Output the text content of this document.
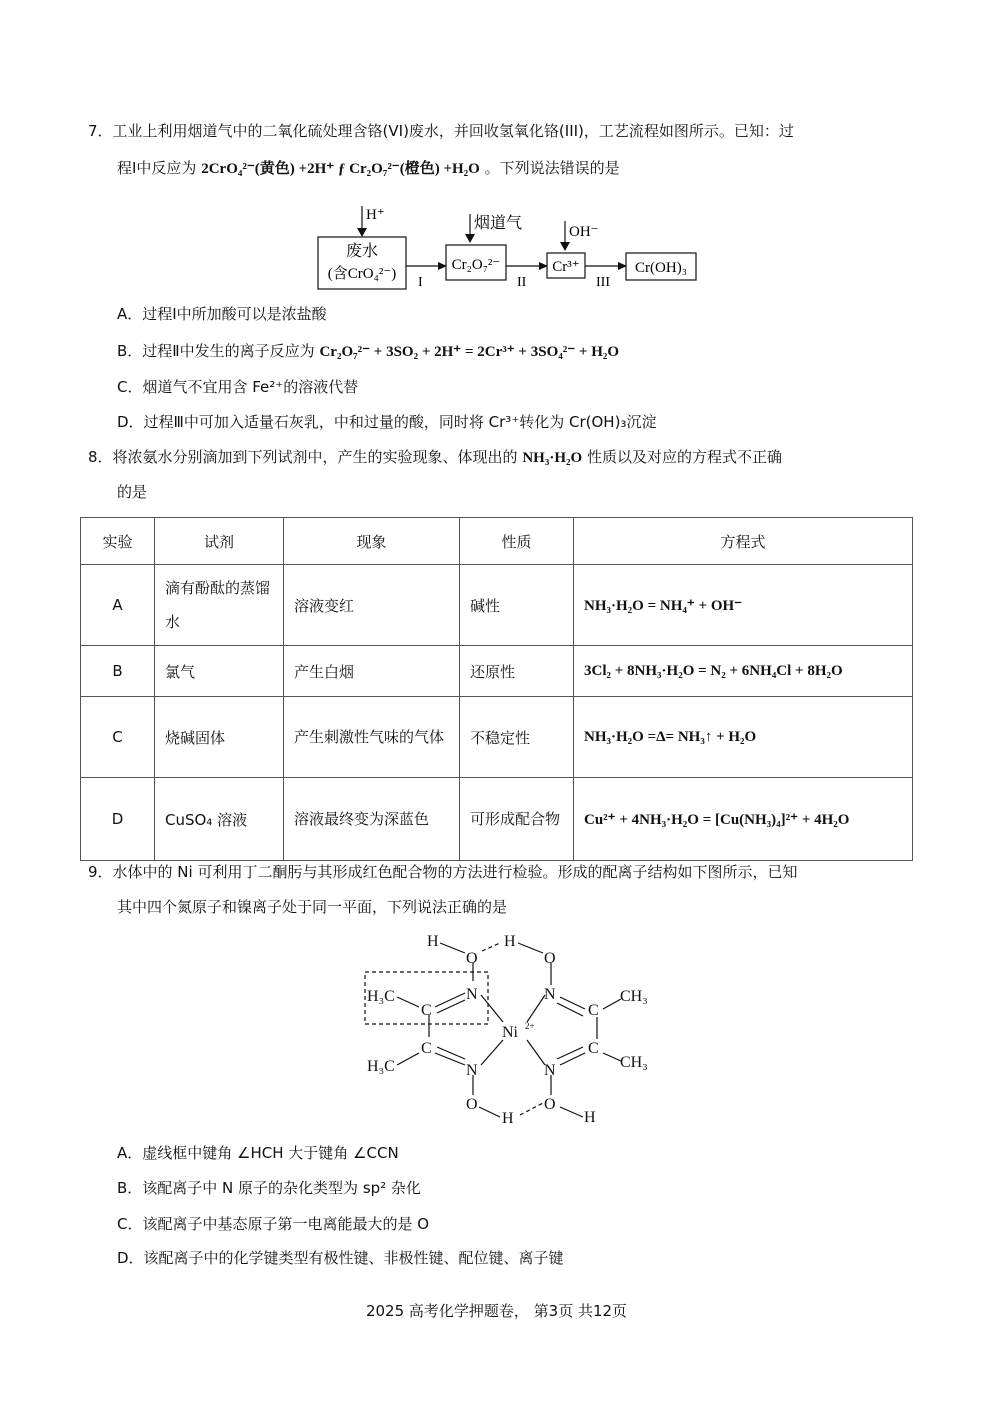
7．工业上利用烟道气中的二氧化硫处理含铬(VI)废水，并回收氢氧化铬(III)，工艺流程如图所示。已知：过
程Ⅰ中反应为 2CrO₄²⁻(黄色) +2H⁺ ƒ Cr₂O₇²⁻(橙色) +H₂O 。下列说法错误的是
H⁺	烟道气	OH⁻
废水
(含CrO₄²⁻)
Cr₂O₇²⁻	Cr³⁺	Cr(OH)₃
I	II	III
A．过程Ⅰ中所加酸可以是浓盐酸
B．过程Ⅱ中发生的离子反应为 Cr₂O₇²⁻ + 3SO₂ + 2H⁺ = 2Cr³⁺ + 3SO₄²⁻ + H₂O
C．烟道气不宜用含 Fe²⁺的溶液代替
D．过程Ⅲ中可加入适量石灰乳，中和过量的酸，同时将 Cr³⁺转化为 Cr(OH)₃沉淀
8．将浓氨水分别滴加到下列试剂中，产生的实验现象、体现出的 NH₃·H₂O 性质以及对应的方程式不正确
的是
实验	试剂	现象	性质	方程式
A	滴有酚酞的蒸馏水	溶液变红	碱性	NH₃·H₂O = NH₄⁺ + OH⁻
B	氯气	产生白烟	还原性	3Cl₂ + 8NH₃·H₂O = N₂ + 6NH₄Cl + 8H₂O
C	烧碱固体	产生刺激性气味的气体	不稳定性	NH₃·H₂O =Δ= NH₃↑ + H₂O
D	CuSO₄ 溶液	溶液最终变为深蓝色	可形成配合物	Cu²⁺ + 4NH₃·H₂O = [Cu(NH₃)₄]²⁺ + 4H₂O
9．水体中的 Ni 可利用丁二酮肟与其形成红色配合物的方法进行检验。形成的配离子结构如下图所示，已知
其中四个氮原子和镍离子处于同一平面，下列说法正确的是
H
O
H
O
N	N
H₃C
C	C
CH₃
Ni 2+
C	C
H₃C	CH₃
N	N
O	O
H	H
A．虚线框中键角 ∠HCH 大于键角 ∠CCN
B．该配离子中 N 原子的杂化类型为 sp² 杂化
C．该配离子中基态原子第一电离能最大的是 O
D．该配离子中的化学键类型有极性键、非极性键、配位键、离子键
2025 高考化学押题卷， 第3页 共12页
